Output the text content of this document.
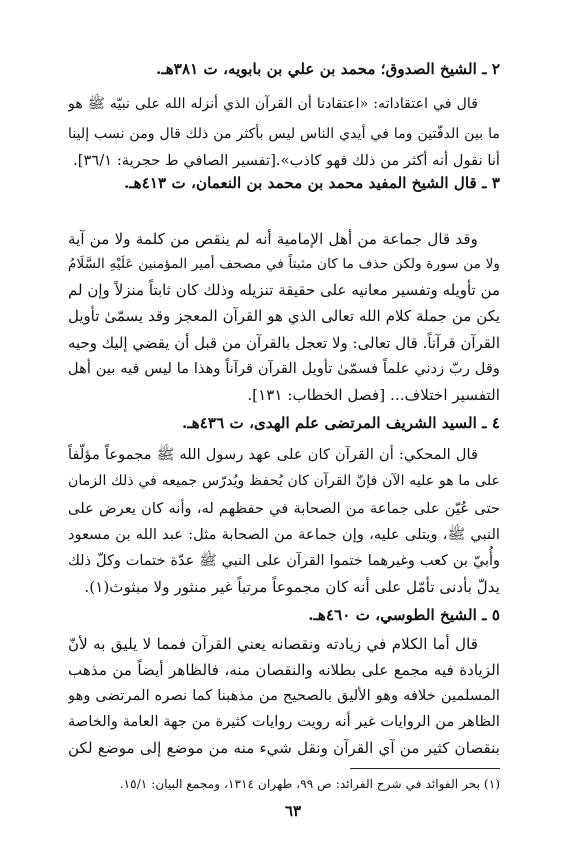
٢ ـ الشيخ الصدوق؛ محمد بن علي بن بابويه، ت ٣٨١هـ.
قال في اعتقاداته: «اعتقادنا أن القرآن الذي أنزله الله على نبيّه ﷺ هو
ما بين الدفّتين وما في أيدي الناس ليس بأكثر من ذلك قال ومن نسب إلينا
أنا نقول أنه أكثر من ذلك فهو كاذب».[تفسير الصافي ط حجرية: ٣٦/١].
٣ ـ قال الشيخ المفيد محمد بن محمد بن النعمان، ت ٤١٣هـ.
وقد قال جماعة من أهل الإمامية أنه لم ينقص من كلمة ولا من آية
ولا من سورة ولكن حذف ما كان مثبتاً في مصحف أمير المؤمنين عَلَيْهِ السَّلَامُ
من تأويله وتفسير معانيه على حقيقة تنزيله وذلك كان ثابتاً منزلاً وإن لم
يكن من جملة كلام الله تعالى الذي هو القرآن المعجز وقد يسمّىٰ تأويل
القرآن قرآناً. قال تعالى: ولا تعجل بالقرآن من قبل أن يقضي إليك وحيه
وقل ربّ زدني علماً فسمّىٰ تأويل القرآن قرآناً وهذا ما ليس فيه بين أهل
التفسير اختلاف... [فصل الخطاب: ١٣١].
٤ ـ السيد الشريف المرتضى علم الهدى، ت ٤٣٦هـ.
قال المحكي: أن القرآن كان على عهد رسول الله ﷺ مجموعاً مؤلّفاً
على ما هو عليه الآن فإنّ القرآن كان يُحفظ ويُدرّس جميعه في ذلك الزمان
حتى عُيّن على جماعة من الصحابة في حفظهم له، وأنه كان يعرض على
النبي ﷺ، ويتلى عليه، وإن جماعة من الصحابة مثل: عبد الله بن مسعود
وأُبيّ بن كعب وغيرهما ختموا القرآن على النبي ﷺ عدّة ختمات وكلّ ذلك
يدلّ بأدنى تأمّل على أنه كان مجموعاً مرتباً غير منثور ولا مبثوث(١).
٥ ـ الشيخ الطوسي، ت ٤٦٠هـ.
قال أما الكلام في زيادته ونقصانه يعني القرآن فمما لا يليق به لأنّ
الزيادة فيه مجمع على بطلانه والنقصان منه، فالظاهر أيضاً من مذهب
المسلمين خلافه وهو الأليق بالصحيح من مذهبنا كما نصره المرتضى وهو
الظاهر من الروايات غير أنه رويت روايات كثيرة من جهة العامة والخاصة
بنقصان كثير من آي القرآن ونقل شيء منه من موضع إلى موضع لكن
(١) بحر الفوائد في شرح الفرائد: ص ٩٩، طهران ١٣١٤، ومجمع البيان: ١٥/١.
٦٣
